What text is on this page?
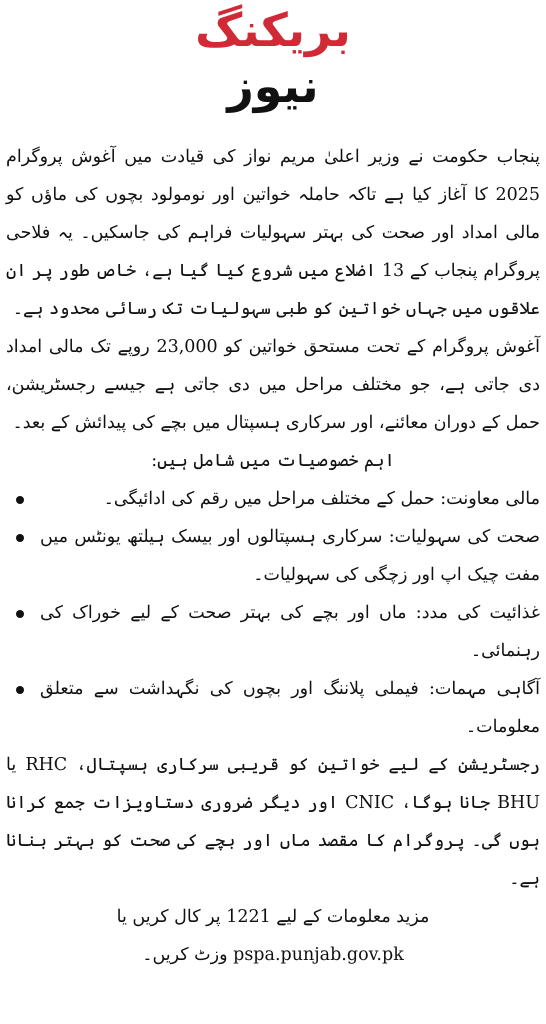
بریکنگ
نیوز

پنجاب حکومت نے وزیر اعلیٰ مریم نواز کی قیادت میں آغوش پروگرام 2025 کا آغاز کیا ہے تاکہ حاملہ خواتین اور نومولود بچوں کی ماؤں کو مالی امداد اور صحت کی بہتر سہولیات فراہم کی جاسکیں۔ یہ فلاحی پروگرام پنجاب کے 13 اضلاع میں شروع کیا گیا ہے، خاص طور پر ان علاقوں میں جہاں خواتین کو طبی سہولیات تک رسائی محدود ہے۔

آغوش پروگرام کے تحت مستحق خواتین کو 23,000 روپے تک مالی امداد دی جاتی ہے، جو مختلف مراحل میں دی جاتی ہے جیسے رجسٹریشن، حمل کے دوران معائنے، اور سرکاری ہسپتال میں بچے کی پیدائش کے بعد۔

اہم خصوصیات میں شامل ہیں:

مالی معاونت: حمل کے مختلف مراحل میں رقم کی ادائیگی۔
صحت کی سہولیات: سرکاری ہسپتالوں اور بیسک ہیلتھ یونٹس میں مفت چیک اپ اور زچگی کی سہولیات۔
غذائیت کی مدد: ماں اور بچے کی بہتر صحت کے لیے خوراک کی رہنمائی۔
آگاہی مہمات: فیملی پلاننگ اور بچوں کی نگہداشت سے متعلق معلومات۔

رجسٹریشن کے لیے خواتین کو قریبی سرکاری ہسپتال، RHC یا BHU جانا ہوگا، CNIC اور دیگر ضروری دستاویزات جمع کرانا ہوں گی۔ پروگرام کا مقصد ماں اور بچے کی صحت کو بہتر بنانا ہے۔

مزید معلومات کے لیے 1221 پر کال کریں یا

pspa.punjab.gov.pk وزٹ کریں۔
